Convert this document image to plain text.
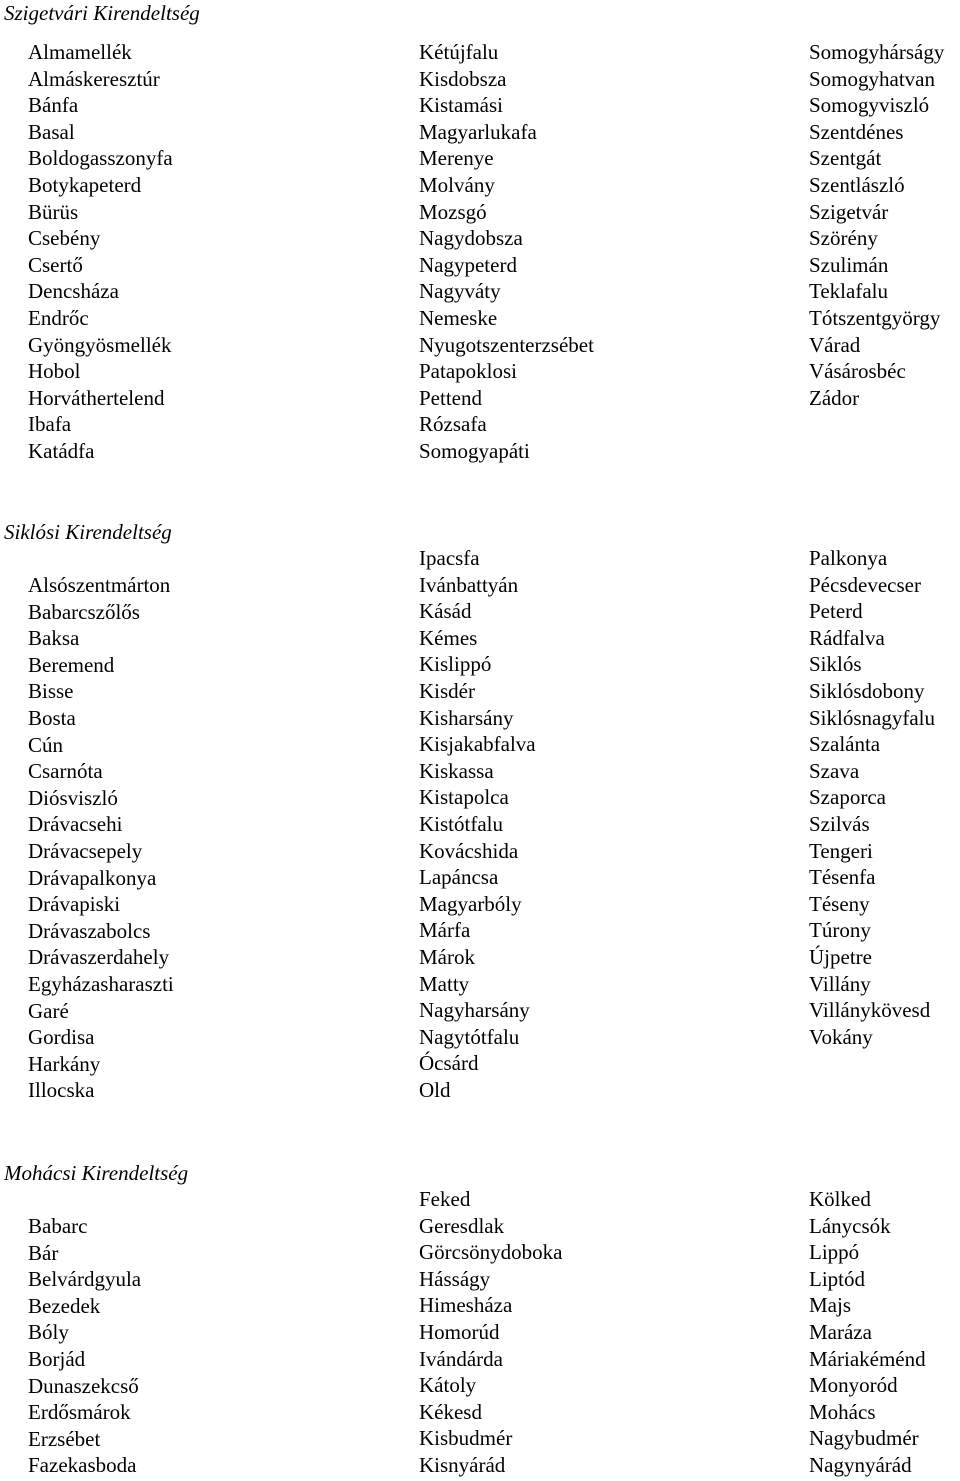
Szigetvári Kirendeltség
Almamellék
Almáskeresztúr
Bánfa
Basal
Boldogasszonyfa
Botykapeterd
Bürüs
Csebény
Csertő
Dencsháza
Endrőc
Gyöngyösmellék
Hobol
Horváthertelend
Ibafa
Katádfa
Kétújfalu
Kisdobsza
Kistamási
Magyarlukafa
Merenye
Molvány
Mozsgó
Nagydobsza
Nagypeterd
Nagyváty
Nemeske
Nyugotszenterzsébet
Patapoklosi
Pettend
Rózsafa
Somogyapáti
Somogyhárságy
Somogyhatvan
Somogyviszló
Szentdénes
Szentgát
Szentlászló
Szigetvár
Szörény
Szulimán
Teklafalu
Tótszentgyörgy
Várad
Vásárosbéc
Zádor
Siklósi Kirendeltség
Alsószentmárton
Babarcszőlős
Baksa
Beremend
Bisse
Bosta
Cún
Csarnóta
Diósviszló
Drávacsehi
Drávacsepely
Drávapalkonya
Drávapiski
Drávaszabolcs
Drávaszerdahely
Egyházasharaszti
Garé
Gordisa
Harkány
Illocska
Ipacsfa
Ivánbattyán
Kásád
Kémes
Kislippó
Kisdér
Kisharsány
Kisjakabfalva
Kiskassa
Kistapolca
Kistótfalu
Kovácshida
Lapáncsa
Magyarbóly
Márfa
Márok
Matty
Nagyharsány
Nagytótfalu
Ócsárd
Old
Palkonya
Pécsdevecser
Peterd
Rádfalva
Siklós
Siklósdobony
Siklósnagyfalu
Szalánta
Szava
Szaporca
Szilvás
Tengeri
Tésenfa
Téseny
Túrony
Újpetre
Villány
Villánykövesd
Vokány
Mohácsi Kirendeltség
Babarc
Bár
Belvárdgyula
Bezedek
Bóly
Borjád
Dunaszekcső
Erdősmárok
Erzsébet
Fazekasboda
Feked
Geresdlak
Görcsönydoboka
Hásságy
Himesháza
Homorúd
Ivándárda
Kátoly
Kékesd
Kisbudmér
Kisnyárád
Kölked
Lánycsók
Lippó
Liptód
Majs
Maráza
Máriakéménd
Monyoród
Mohács
Nagybudmér
Nagynyárád
